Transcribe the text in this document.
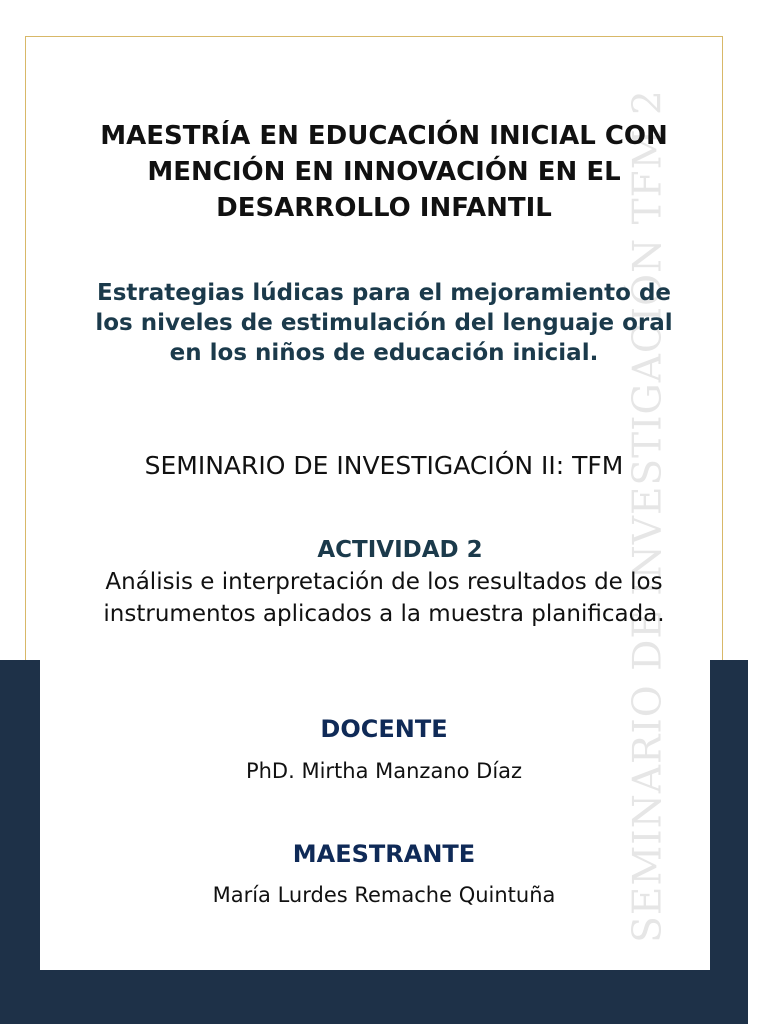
SEMINARIO DE INVESTIGACIÓN TFM 2
MAESTRÍA EN EDUCACIÓN INICIAL CON MENCIÓN EN INNOVACIÓN EN EL DESARROLLO INFANTIL
Estrategias lúdicas para el mejoramiento de los niveles de estimulación del lenguaje oral en los niños de educación inicial.

SEMINARIO DE INVESTIGACIÓN II: TFM

ACTIVIDAD 2

Análisis e interpretación de los resultados de los instrumentos aplicados a la muestra planificada.

DOCENTE

PhD. Mirtha Manzano Díaz

MAESTRANTE

María Lurdes Remache Quintuña
